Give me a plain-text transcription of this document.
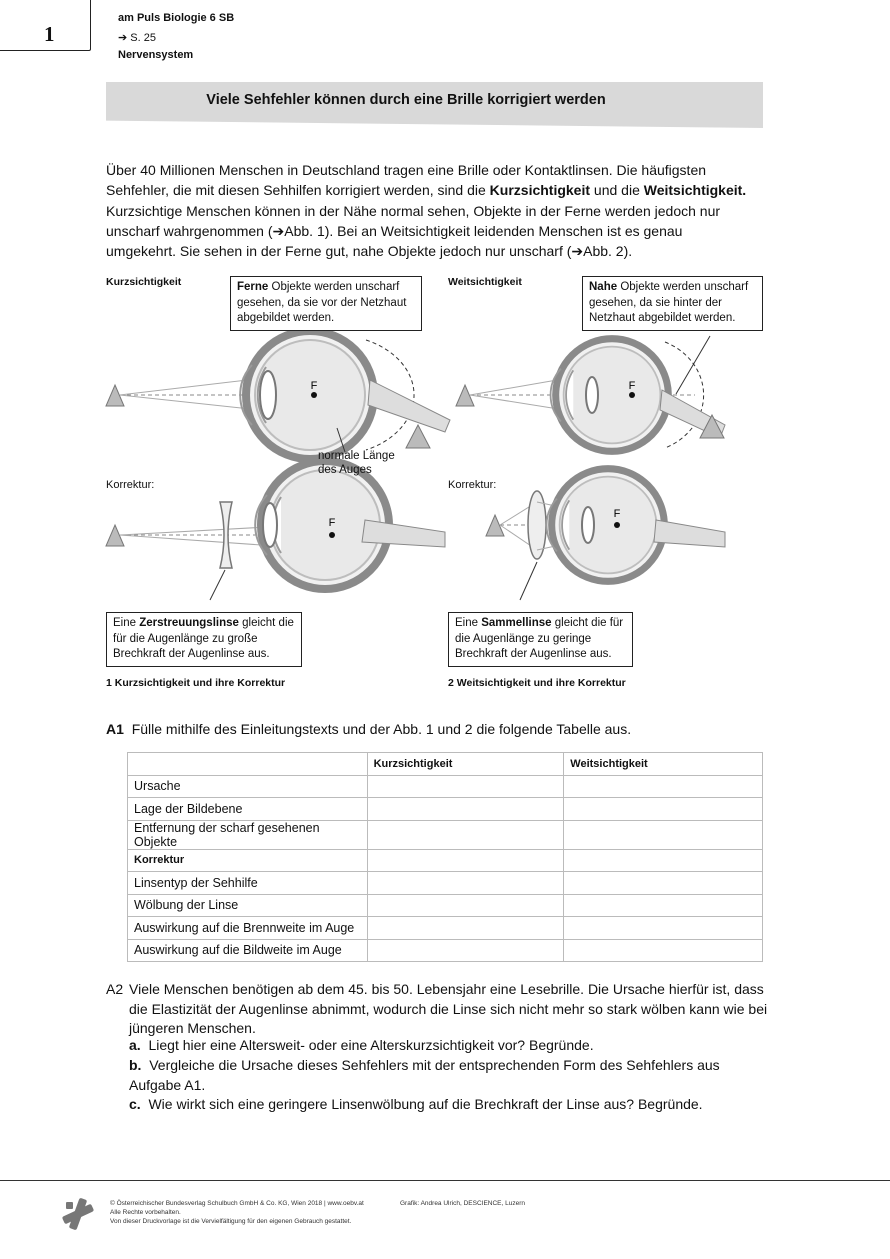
1
am Puls Biologie 6 SB
➔ S. 25
Nervensystem
Viele Sehfehler können durch eine Brille korrigiert werden
Über 40 Millionen Menschen in Deutschland tragen eine Brille oder Kontaktlinsen. Die häufigsten Sehfehler, die mit diesen Sehhilfen korrigiert werden, sind die Kurzsichtigkeit und die Weitsichtigkeit. Kurzsichtige Menschen können in der Nähe normal sehen, Objekte in der Ferne werden jedoch nur unscharf wahrgenommen (➔Abb. 1). Bei an Weitsichtigkeit leidenden Menschen ist es genau umgekehrt. Sie sehen in der Ferne gut, nahe Objekte jedoch nur unscharf (➔Abb. 2).
F
F
F
F
Kurzsichtigkeit	Weitsichtigkeit
Korrektur:	Korrektur:
normale Länge des Auges
Ferne Objekte werden unscharf gesehen, da sie vor der Netzhaut abgebildet werden.
Nahe Objekte werden unscharf gesehen, da sie hinter der Netzhaut abgebildet werden.
Eine Zerstreuungslinse gleicht die für die Augenlänge zu große Brechkraft der Augenlinse aus.
Eine Sammellinse gleicht die für die Augenlänge zu geringe Brechkraft der Augenlinse aus.
1 Kurzsichtigkeit und ihre Korrektur	2 Weitsichtigkeit und ihre Korrektur
A1 Fülle mithilfe des Einleitungstexts und der Abb. 1 und 2 die folgende Tabelle aus.
	Kurzsichtigkeit	Weitsichtigkeit
Ursache		
Lage der Bildebene		
Entfernung der scharf gesehenen Objekte		
Korrektur		
Linsentyp der Sehhilfe		
Wölbung der Linse		
Auswirkung auf die Brennweite im Auge		
Auswirkung auf die Bildweite im Auge		
A2 Viele Menschen benötigen ab dem 45. bis 50. Lebensjahr eine Lesebrille. Die Ursache hierfür ist, dass die Elastizität der Augenlinse abnimmt, wodurch die Linse sich nicht mehr so stark wölben kann wie bei jüngeren Menschen.
a. Liegt hier eine Altersweit- oder eine Alterskurzsichtigkeit vor? Begründe.
b. Vergleiche die Ursache dieses Sehfehlers mit der entsprechenden Form des Sehfehlers aus Aufgabe A1.
c. Wie wirkt sich eine geringere Linsenwölbung auf die Brechkraft der Linse aus? Begründe.
© Österreichischer Bundesverlag Schulbuch GmbH & Co. KG, Wien 2018 | www.oebv.at
Alle Rechte vorbehalten.
Von dieser Druckvorlage ist die Vervielfältigung für den eigenen Gebrauch gestattet.
Grafik: Andrea Ulrich, DESCIENCE, Luzern
